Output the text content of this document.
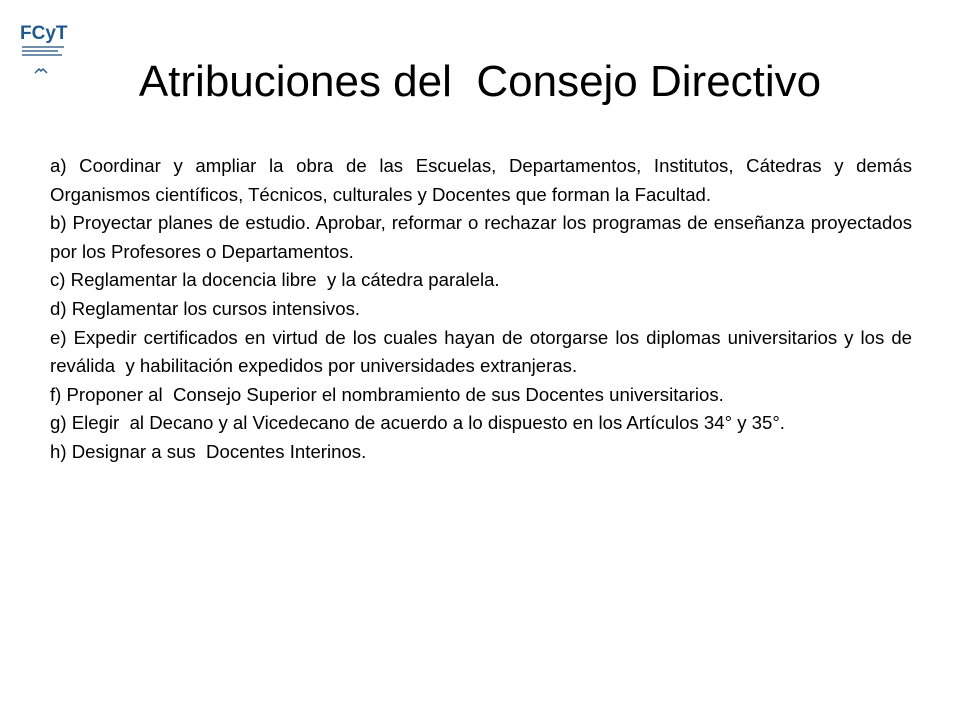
FCyT
Atribuciones del  Consejo Directivo

a) Coordinar y ampliar la obra de las Escuelas, Departamentos, Institutos, Cátedras y demás Organismos científicos, Técnicos, culturales y Docentes que forman la Facultad.

b) Proyectar planes de estudio. Aprobar, reformar o rechazar los programas de enseñanza proyectados por los Profesores o Departamentos.

c) Reglamentar la docencia libre  y la cátedra paralela.

d) Reglamentar los cursos intensivos.

e) Expedir certificados en virtud de los cuales hayan de otorgarse los diplomas universitarios y los de reválida  y habilitación expedidos por universidades extranjeras.

f) Proponer al  Consejo Superior el nombramiento de sus Docentes universitarios.

g) Elegir  al Decano y al Vicedecano de acuerdo a lo dispuesto en los Artículos 34° y 35°.

h) Designar a sus  Docentes Interinos.
